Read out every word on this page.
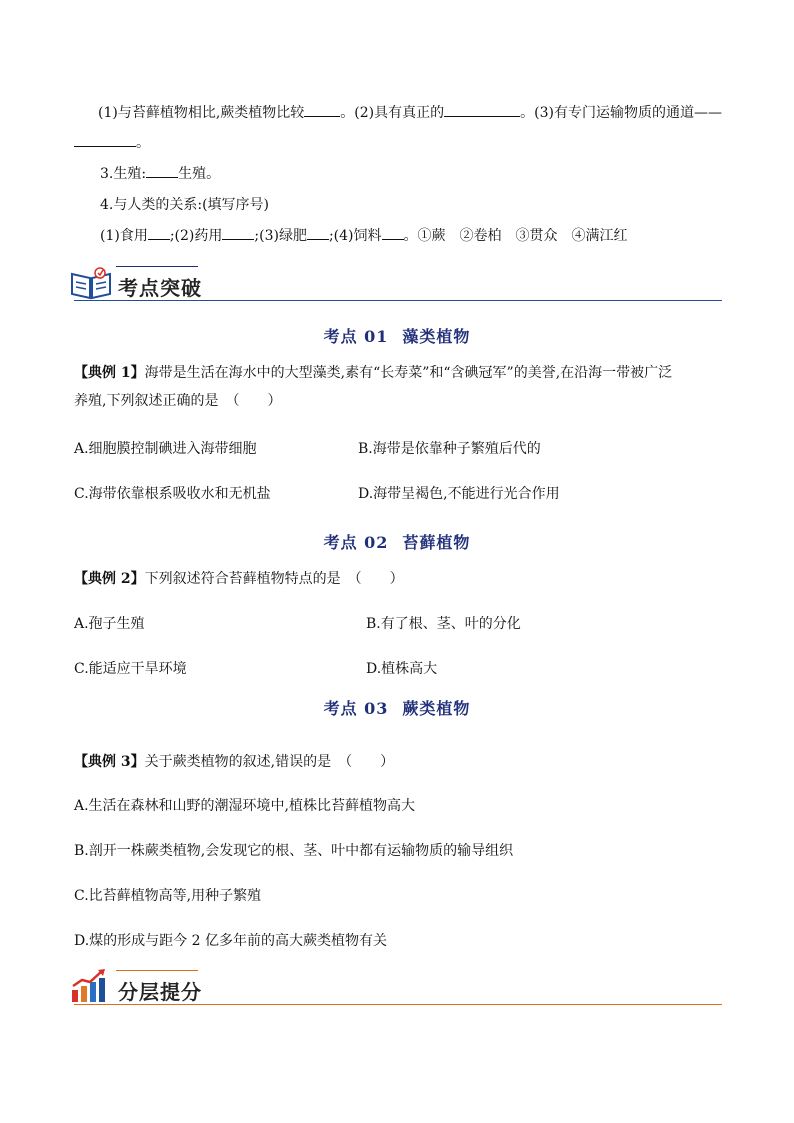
(1)与苔藓植物相比,蕨类植物比较	。(2)具有真正的	。(3)有专门运输物质的通道——
。
3.生殖: 生殖。
4.与人类的关系:(填写序号)
(1)食用 ;(2)药用 ;(3)绿肥 ;(4)饲料 。①蕨　②卷柏　③贯众　④满江红
考点突破
考点 01 藻类植物
【典例 1】海带是生活在海水中的大型藻类,素有“长寿菜”和“含碘冠军”的美誉,在沿海一带被广泛
养殖,下列叙述正确的是　（　　）
A.细胞膜控制碘进入海带细胞	B.海带是依靠种子繁殖后代的
C.海带依靠根系吸收水和无机盐	D.海带呈褐色,不能进行光合作用
考点 02 苔藓植物
【典例 2】下列叙述符合苔藓植物特点的是　（　　）
A.孢子生殖	B.有了根、茎、叶的分化
C.能适应干旱环境	D.植株高大
考点 03 蕨类植物
【典例 3】关于蕨类植物的叙述,错误的是　（　　）
A.生活在森林和山野的潮湿环境中,植株比苔藓植物高大
B.剖开一株蕨类植物,会发现它的根、茎、叶中都有运输物质的输导组织
C.比苔藓植物高等,用种子繁殖
D.煤的形成与距今 2 亿多年前的高大蕨类植物有关
分层提分
